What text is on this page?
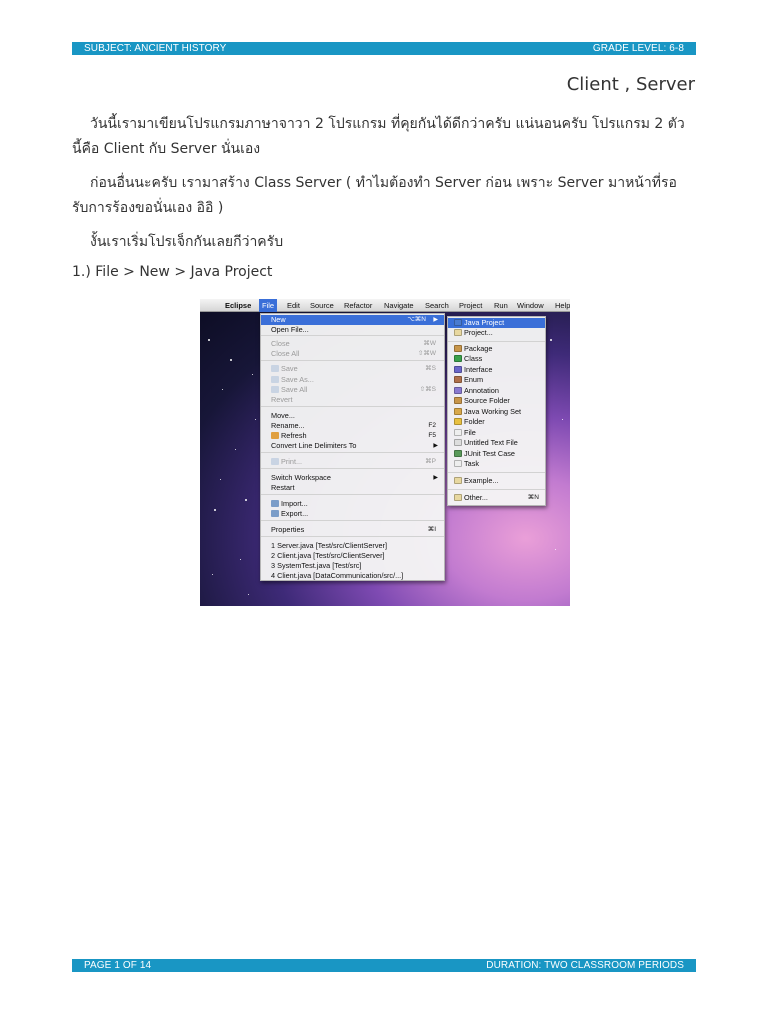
SUBJECT: ANCIENT HISTORY	GRADE LEVEL: 6-8
Client , Server

วันนี้เรามาเขียนโปรแกรมภาษาจาวา 2 โปรแกรม ที่คุยกันได้ดีกว่าครับ แน่นอนครับ โปรแกรม 2 ตัว นี้คือ Client กับ Server นั่นเอง

ก่อนอื่นนะครับ เรามาสร้าง Class Server ( ทำไมต้องทำ Server ก่อน เพราะ Server มาหน้าที่รอ รับการร้องขอนั่นเอง อิอิ )

งั้นเราเริ่มโปรเจ็กกันเลยกีว่าครับ

1.) File > New > Java Project

Eclipse	File	Edit	Source	Refactor	Navigate	Search	Project	Run	Window	Help
New	⌥⌘N ▶
Open File...
Close	⌘W
Close All	⇧⌘W
Save	⌘S
Save As...
Save All	⇧⌘S
Revert
Move...
Rename...	F2
Refresh	F5
Convert Line Delimiters To	▶
Print...	⌘P
Switch Workspace	▶
Restart
Import...
Export...
Properties	⌘I
1 Server.java [Test/src/ClientServer]
2 Client.java [Test/src/ClientServer]
3 SystemTest.java [Test/src]
4 Client.java [DataCommunication/src/...]
Java Project
Project...
Package
Class
Interface
Enum
Annotation
Source Folder
Java Working Set
Folder
File
Untitled Text File
JUnit Test Case
Task
Example...
Other...	⌘N
PAGE 1 OF 14	DURATION: TWO CLASSROOM PERIODS
